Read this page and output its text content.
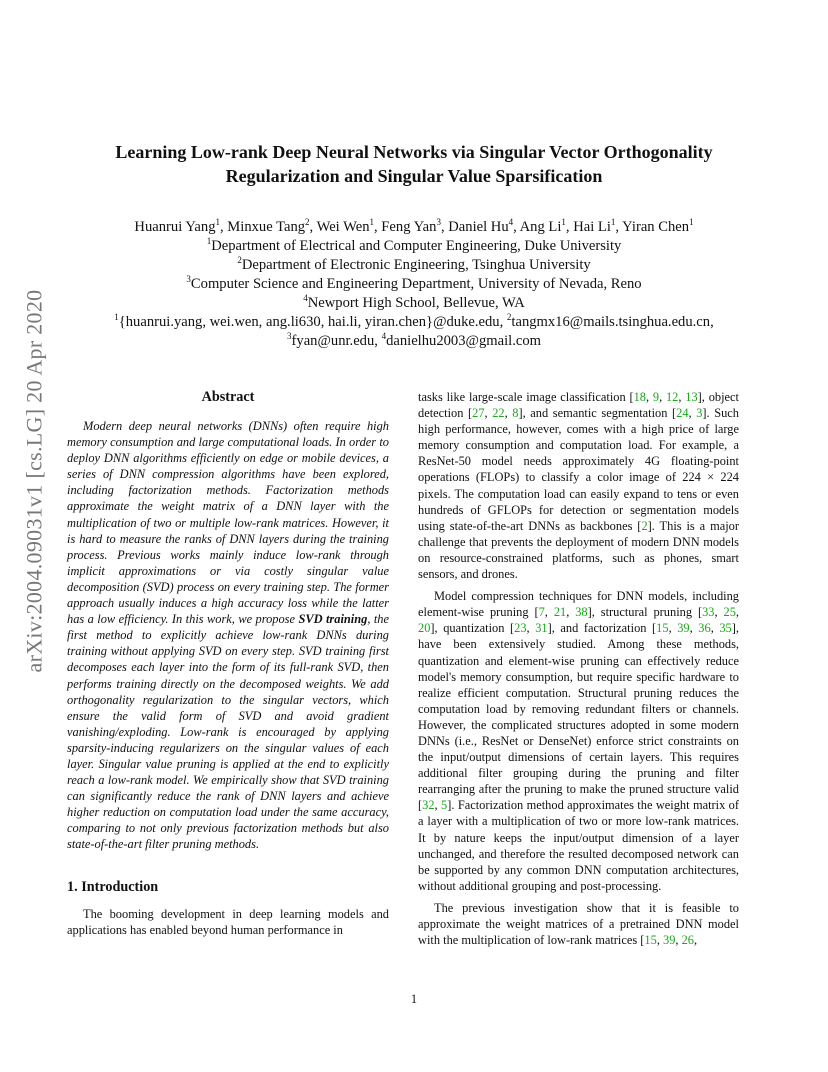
arXiv:2004.09031v1 [cs.LG] 20 Apr 2020
Learning Low-rank Deep Neural Networks via Singular Vector Orthogonality
Regularization and Singular Value Sparsification
Huanrui Yang$^1$, Minxue Tang$^2$, Wei Wen$^1$, Feng Yan$^3$, Daniel Hu$^4$, Ang Li$^1$, Hai Li$^1$, Yiran Chen$^1$
$^1$Department of Electrical and Computer Engineering, Duke University
$^2$Department of Electronic Engineering, Tsinghua University
$^3$Computer Science and Engineering Department, University of Nevada, Reno
$^4$Newport High School, Bellevue, WA
$^1${huanrui.yang, wei.wen, ang.li630, hai.li, yiran.chen}@duke.edu, $^2$tangmx16@mails.tsinghua.edu.cn,
$^3$fyan@unr.edu, $^4$danielhu2003@gmail.com
Abstract

Modern deep neural networks (DNNs) often require high memory consumption and large computational loads. In order to deploy DNN algorithms efficiently on edge or mobile devices, a series of DNN compression algorithms have been explored, including factorization methods. Factorization methods approximate the weight matrix of a DNN layer with the multiplication of two or multiple low-rank matrices. However, it is hard to measure the ranks of DNN layers during the training process. Previous works mainly induce low-rank through implicit approximations or via costly singular value decomposition (SVD) process on every training step. The former approach usually induces a high accuracy loss while the latter has a low efficiency. In this work, we propose SVD training, the first method to explicitly achieve low-rank DNNs during training without applying SVD on every step. SVD training first decomposes each layer into the form of its full-rank SVD, then performs training directly on the decomposed weights. We add orthogonality regularization to the singular vectors, which ensure the valid form of SVD and avoid gradient vanishing/exploding. Low-rank is encouraged by applying sparsity-inducing regularizers on the singular values of each layer. Singular value pruning is applied at the end to explicitly reach a low-rank model. We empirically show that SVD training can significantly reduce the rank of DNN layers and achieve higher reduction on computation load under the same accuracy, comparing to not only previous factorization methods but also state-of-the-art filter pruning methods.

1. Introduction

The booming development in deep learning models and applications has enabled beyond human performance in

tasks like large-scale image classification [18, 9, 12, 13], object detection [27, 22, 8], and semantic segmentation [24, 3]. Such high performance, however, comes with a high price of large memory consumption and computation load. For example, a ResNet-50 model needs approximately 4G floating-point operations (FLOPs) to classify a color image of 224 × 224 pixels. The computation load can easily expand to tens or even hundreds of GFLOPs for detection or segmentation models using state-of-the-art DNNs as backbones [2]. This is a major challenge that prevents the deployment of modern DNN models on resource-constrained platforms, such as phones, smart sensors, and drones.

Model compression techniques for DNN models, including element-wise pruning [7, 21, 38], structural pruning [33, 25, 20], quantization [23, 31], and factorization [15, 39, 36, 35], have been extensively studied. Among these methods, quantization and element-wise pruning can effectively reduce model's memory consumption, but require specific hardware to realize efficient computation. Structural pruning reduces the computation load by removing redundant filters or channels. However, the complicated structures adopted in some modern DNNs (i.e., ResNet or DenseNet) enforce strict constraints on the input/output dimensions of certain layers. This requires additional filter grouping during the pruning and filter rearranging after the pruning to make the pruned structure valid [32, 5]. Factorization method approximates the weight matrix of a layer with a multiplication of two or more low-rank matrices. It by nature keeps the input/output dimension of a layer unchanged, and therefore the resulted decomposed network can be supported by any common DNN computation architectures, without additional grouping and post-processing.

The previous investigation show that it is feasible to approximate the weight matrices of a pretrained DNN model with the multiplication of low-rank matrices [15, 39, 26,

1
